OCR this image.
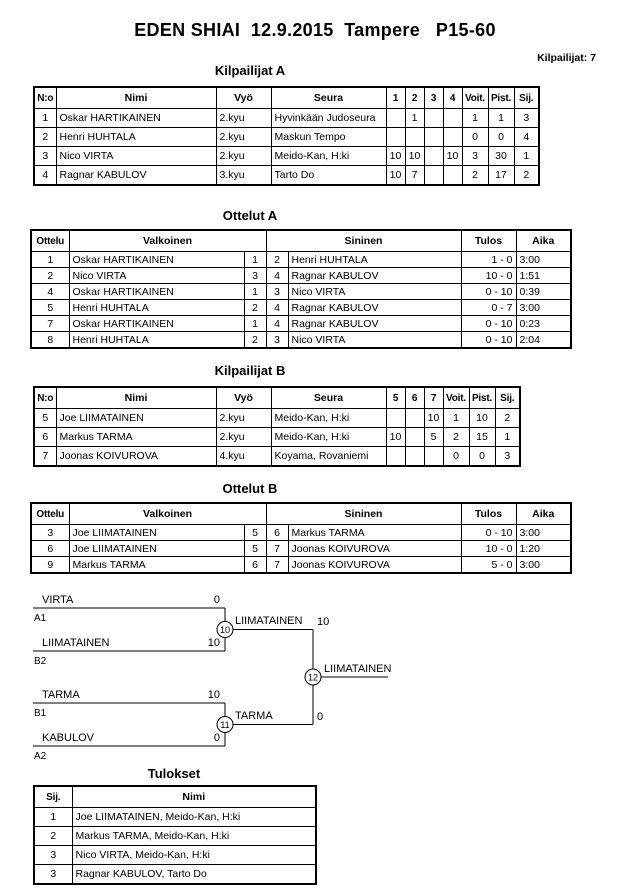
EDEN SHIAI  12.9.2015  Tampere   P15-60
Kilpailijat: 7
Kilpailijat A
N:o	Nimi	Vyö	Seura	1	2	3	4	Voit.	Pist.	Sij.
1	Oskar HARTIKAINEN	2.kyu	Hyvinkään Judoseura		1			1	1	3
2	Henri HUHTALA	2.kyu	Maskun Tempo					0	0	4
3	Nico VIRTA	2.kyu	Meido-Kan, H:ki	10	10		10	3	30	1
4	Ragnar KABULOV	3.kyu	Tarto Do	10	7			2	17	2
Ottelut A
Ottelu	Valkoinen		Sininen		Tulos	Aika
1	Oskar HARTIKAINEN	1	2	Henri HUHTALA	1 - 0	3:00
2	Nico VIRTA	3	4	Ragnar KABULOV	10 - 0	1:51
4	Oskar HARTIKAINEN	1	3	Nico VIRTA	0 - 10	0:39
5	Henri HUHTALA	2	4	Ragnar KABULOV	0 - 7	3:00
7	Oskar HARTIKAINEN	1	4	Ragnar KABULOV	0 - 10	0:23
8	Henri HUHTALA	2	3	Nico VIRTA	0 - 10	2:04
Kilpailijat B
N:o	Nimi	Vyö	Seura	5	6	7	Voit.	Pist.	Sij.
5	Joe LIIMATAINEN	2.kyu	Meido-Kan, H:ki			10	1	10	2
6	Markus TARMA	2.kyu	Meido-Kan, H:ki	10		5	2	15	1
7	Joonas KOIVUROVA	4.kyu	Koyama, Rovaniemi				0	0	3
Ottelut B
Ottelu	Valkoinen		Sininen		Tulos	Aika
3	Joe LIIMATAINEN	5	6	Markus TARMA	0 - 10	3:00
6	Joe LIIMATAINEN	5	7	Joonas KOIVUROVA	10 - 0	1:20
9	Markus TARMA	6	7	Joonas KOIVUROVA	5 - 0	3:00
VIRTA
A1
0
LIIMATAINEN
B2
10
10
LIIMATAINEN 10
TARMA
B1
10
KABULOV
A2
0
11
TARMA	0
12
LIIMATAINEN
Tulokset
Sij.	Nimi
1	Joe LIIMATAINEN, Meido-Kan, H:ki
2	Markus TARMA, Meido-Kan, H:ki
3	Nico VIRTA, Meido-Kan, H:ki
3	Ragnar KABULOV, Tarto Do
